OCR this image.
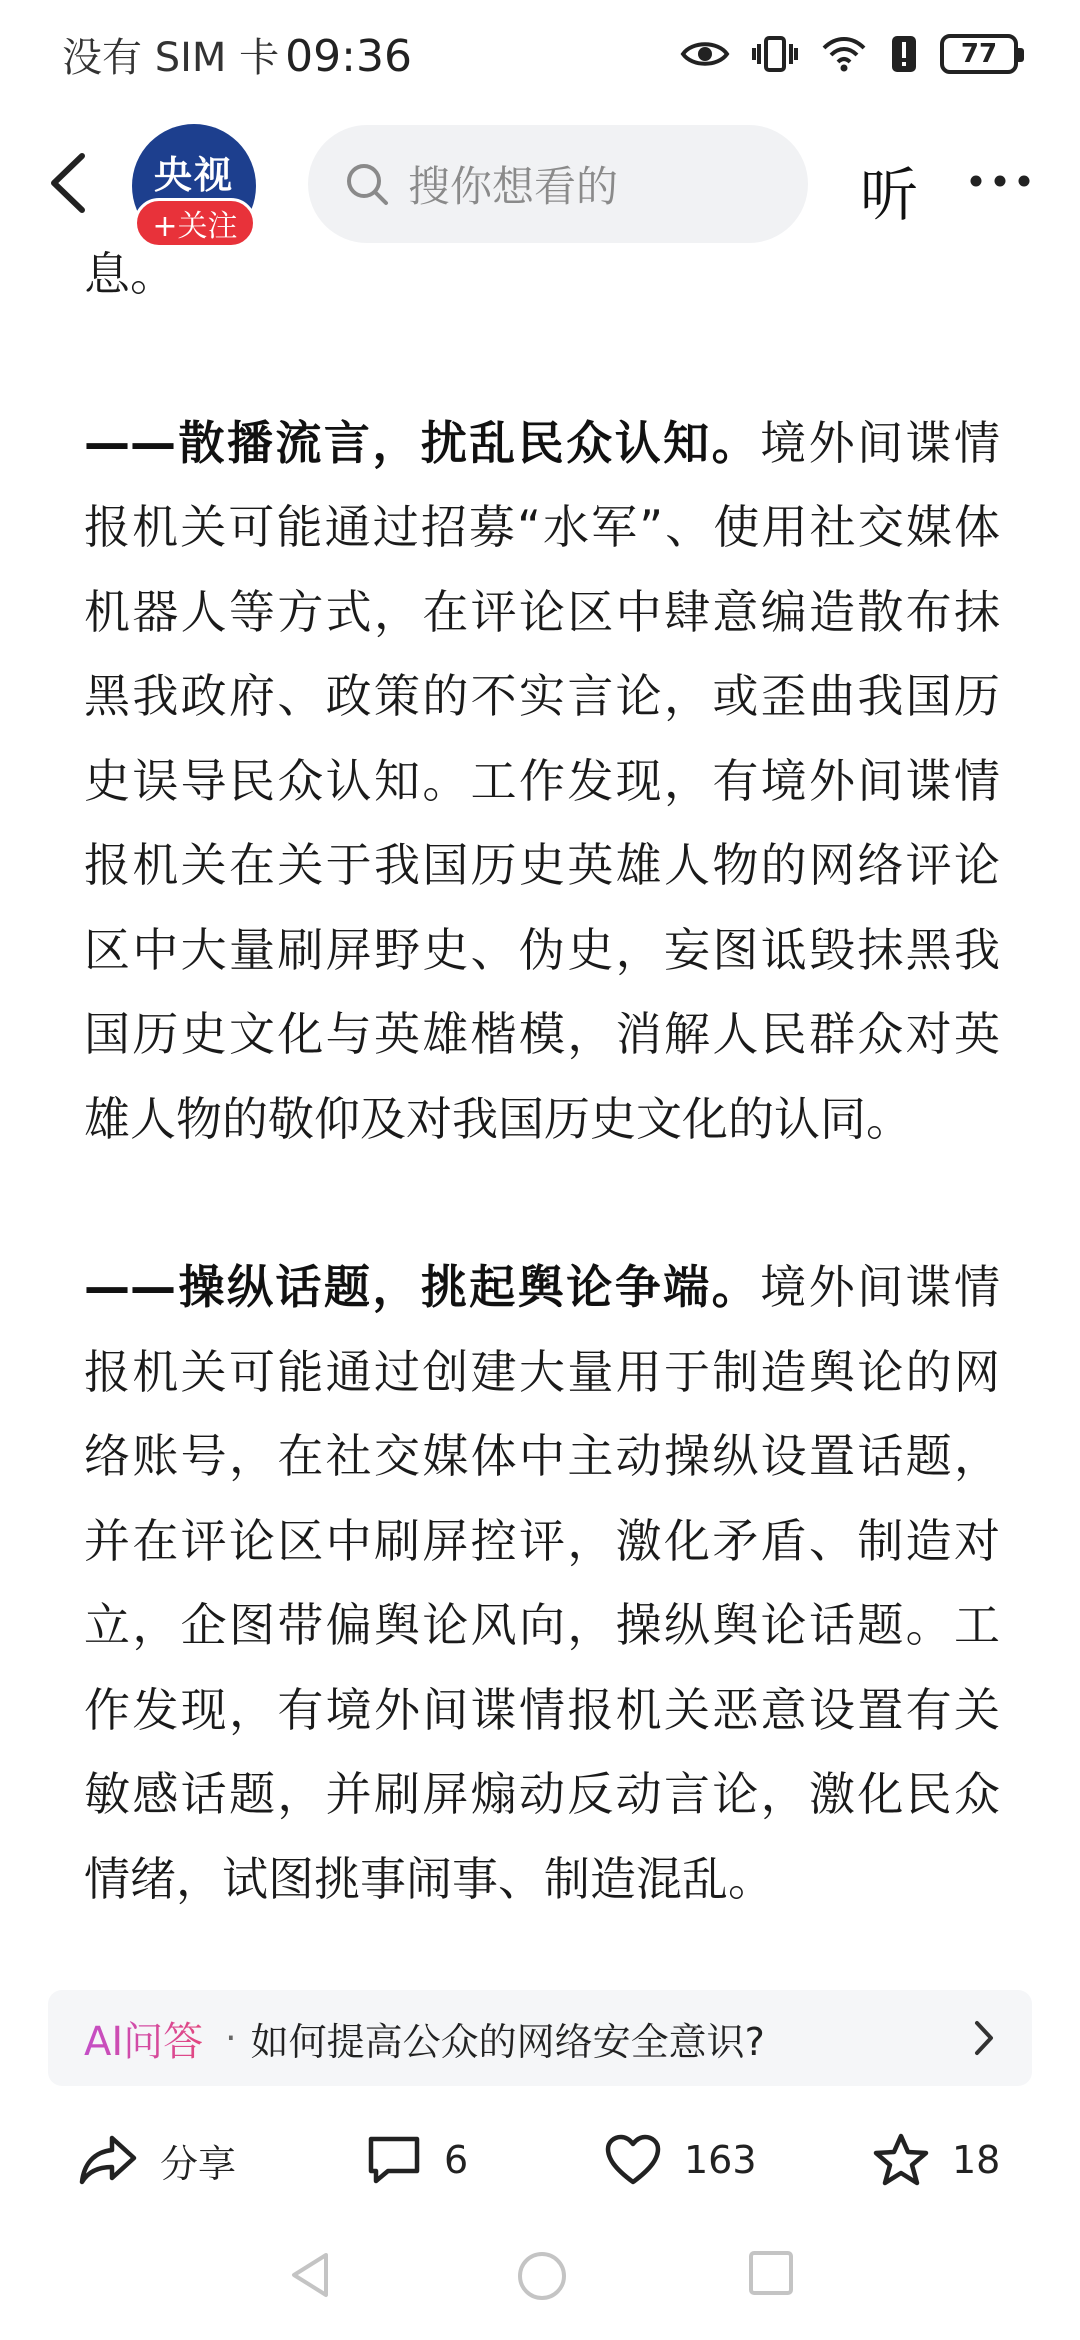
没有 SIM 卡 09:36	77
央视
+关注
搜你想看的	听

息。

——散播流言，扰乱民众认知。境外间谍情报机关可能通过招募“水军”、使用社交媒体机器人等方式，在评论区中肆意编造散布抹黑我政府、政策的不实言论，或歪曲我国历史误导民众认知。工作发现，有境外间谍情报机关在关于我国历史英雄人物的网络评论区中大量刷屏野史、伪史，妄图诋毁抹黑我国历史文化与英雄楷模，消解人民群众对英雄人物的敬仰及对我国历史文化的认同。

——操纵话题，挑起舆论争端。境外间谍情报机关可能通过创建大量用于制造舆论的网络账号，在社交媒体中主动操纵设置话题，并在评论区中刷屏控评，激化矛盾、制造对立，企图带偏舆论风向，操纵舆论话题。工作发现，有境外间谍情报机关恶意设置有关敏感话题，并刷屏煽动反动言论，激化民众情绪，试图挑事闹事、制造混乱。

AI问答 · 如何提高公众的网络安全意识?
分享	6	163	18
